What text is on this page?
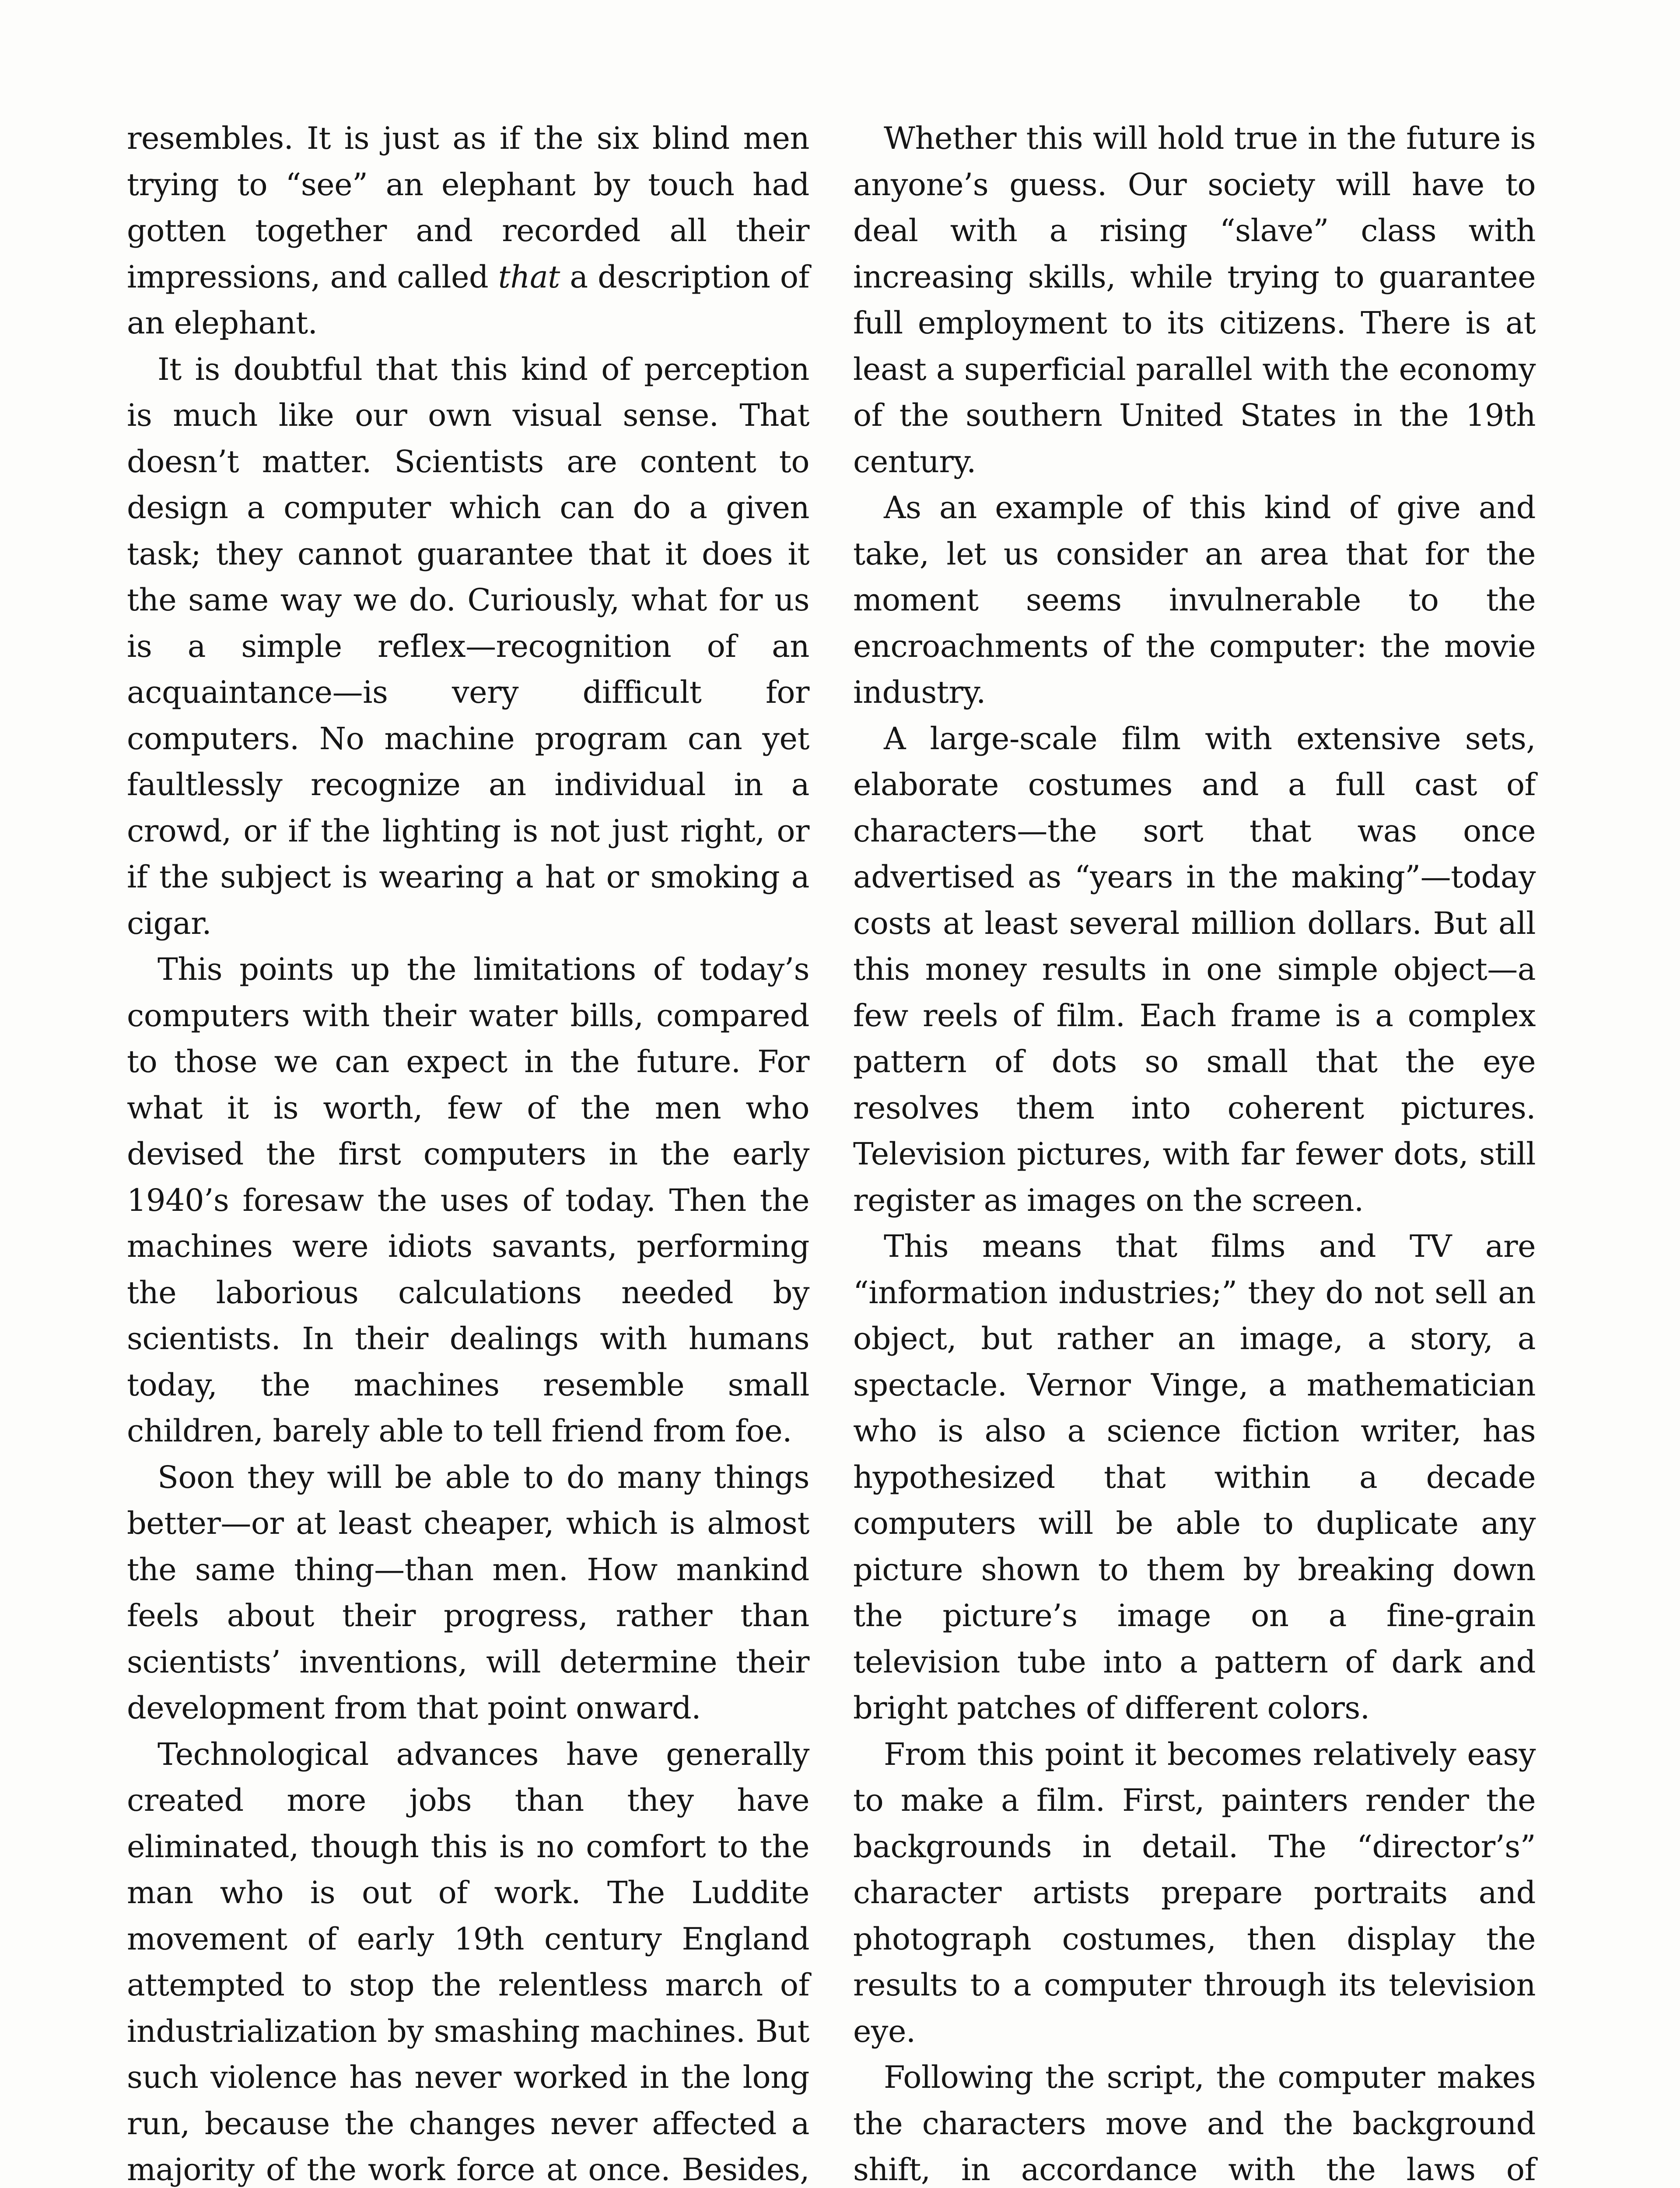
resembles. It is just as if the six blind men trying to “see” an elephant by touch had gotten together and recorded all their impressions, and called that a description of an elephant.

It is doubtful that this kind of perception is much like our own visual sense. That doesn’t matter. Scientists are content to design a computer which can do a given task; they cannot guarantee that it does it the same way we do. Curiously, what for us is a simple reflex—recognition of an acquaintance—is very difficult for computers. No machine program can yet faultlessly recognize an individual in a crowd, or if the lighting is not just right, or if the subject is wearing a hat or smoking a cigar.

This points up the limitations of today’s computers with their water bills, compared to those we can expect in the future. For what it is worth, few of the men who devised the first computers in the early 1940’s foresaw the uses of today. Then the machines were idiots savants, performing the laborious calculations needed by scientists. In their dealings with humans today, the machines resemble small children, barely able to tell friend from foe.

Soon they will be able to do many things better—or at least cheaper, which is almost the same thing—than men. How mankind feels about their progress, rather than scientists’ inventions, will determine their development from that point onward.

Technological advances have generally created more jobs than they have eliminated, though this is no comfort to the man who is out of work. The Luddite movement of early 19th century England attempted to stop the relentless march of industrialization by smashing machines. But such violence has never worked in the long run, because the changes never affected a majority of the work force at once. Besides,

Whether this will hold true in the future is anyone’s guess. Our society will have to deal with a rising “slave” class with increasing skills, while trying to guarantee full employment to its citizens. There is at least a superficial parallel with the economy of the southern United States in the 19th century.

As an example of this kind of give and take, let us consider an area that for the moment seems invulnerable to the encroachments of the computer: the movie industry.

A large-scale film with extensive sets, elaborate costumes and a full cast of characters—the sort that was once advertised as “years in the making”—today costs at least several million dollars. But all this money results in one simple object—a few reels of film. Each frame is a complex pattern of dots so small that the eye resolves them into coherent pictures. Television pictures, with far fewer dots, still register as images on the screen.

This means that films and TV are “information industries;” they do not sell an object, but rather an image, a story, a spectacle. Vernor Vinge, a mathematician who is also a science fiction writer, has hypothesized that within a decade computers will be able to duplicate any picture shown to them by breaking down the picture’s image on a fine-grain television tube into a pattern of dark and bright patches of different colors.

From this point it becomes relatively easy to make a film. First, painters render the backgrounds in detail. The “director’s” character artists prepare portraits and photograph costumes, then display the results to a computer through its television eye.

Following the script, the computer makes the characters move and the background shift, in accordance with the laws of
